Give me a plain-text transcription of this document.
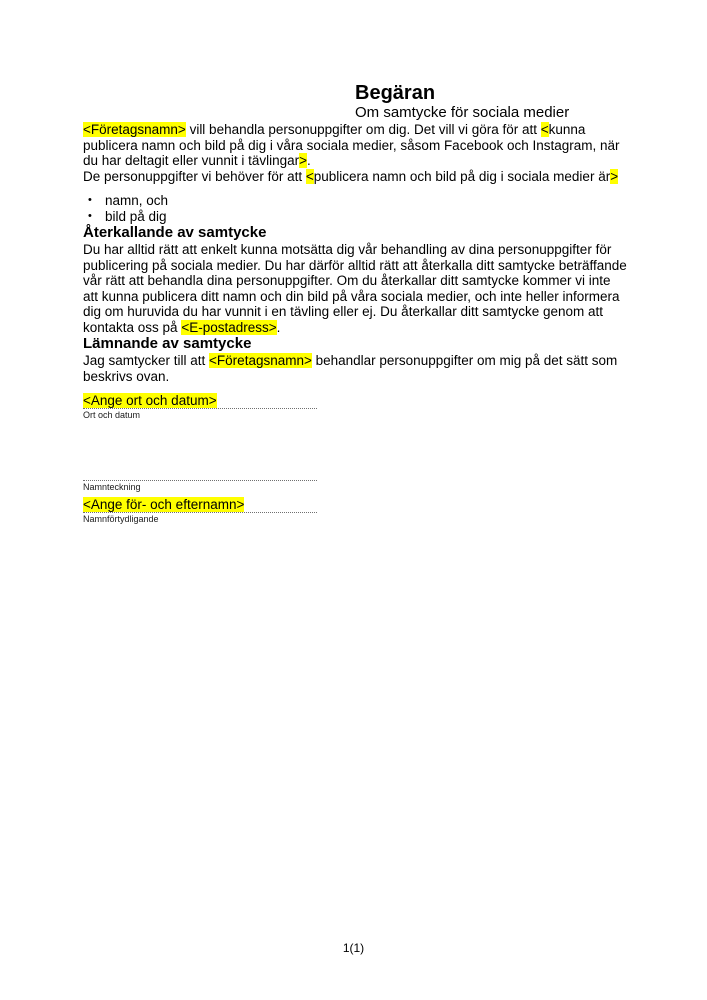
Begäran
Om samtycke för sociala medier

<Företagsnamn> vill behandla personuppgifter om dig. Det vill vi göra för att <kunna publicera namn och bild på dig i våra sociala medier, såsom Facebook och Instagram, när du har deltagit eller vunnit i tävlingar>.

De personuppgifter vi behöver för att <publicera namn och bild på dig i sociala medier är>

• namn, och
• bild på dig
Återkallande av samtycke

Du har alltid rätt att enkelt kunna motsätta dig vår behandling av dina personuppgifter för publicering på sociala medier. Du har därför alltid rätt att återkalla ditt samtycke beträffande vår rätt att behandla dina personuppgifter. Om du återkallar ditt samtycke kommer vi inte att kunna publicera ditt namn och din bild på våra sociala medier, och inte heller informera dig om huruvida du har vunnit i en tävling eller ej. Du återkallar ditt samtycke genom att kontakta oss på <E-postadress>.

Lämnande av samtycke

Jag samtycker till att <Företagsnamn> behandlar personuppgifter om mig på det sätt som beskrivs ovan.

<Ange ort och datum>
Ort och datum
Namnteckning
<Ange för- och efternamn>
Namnförtydligande
1(1)
